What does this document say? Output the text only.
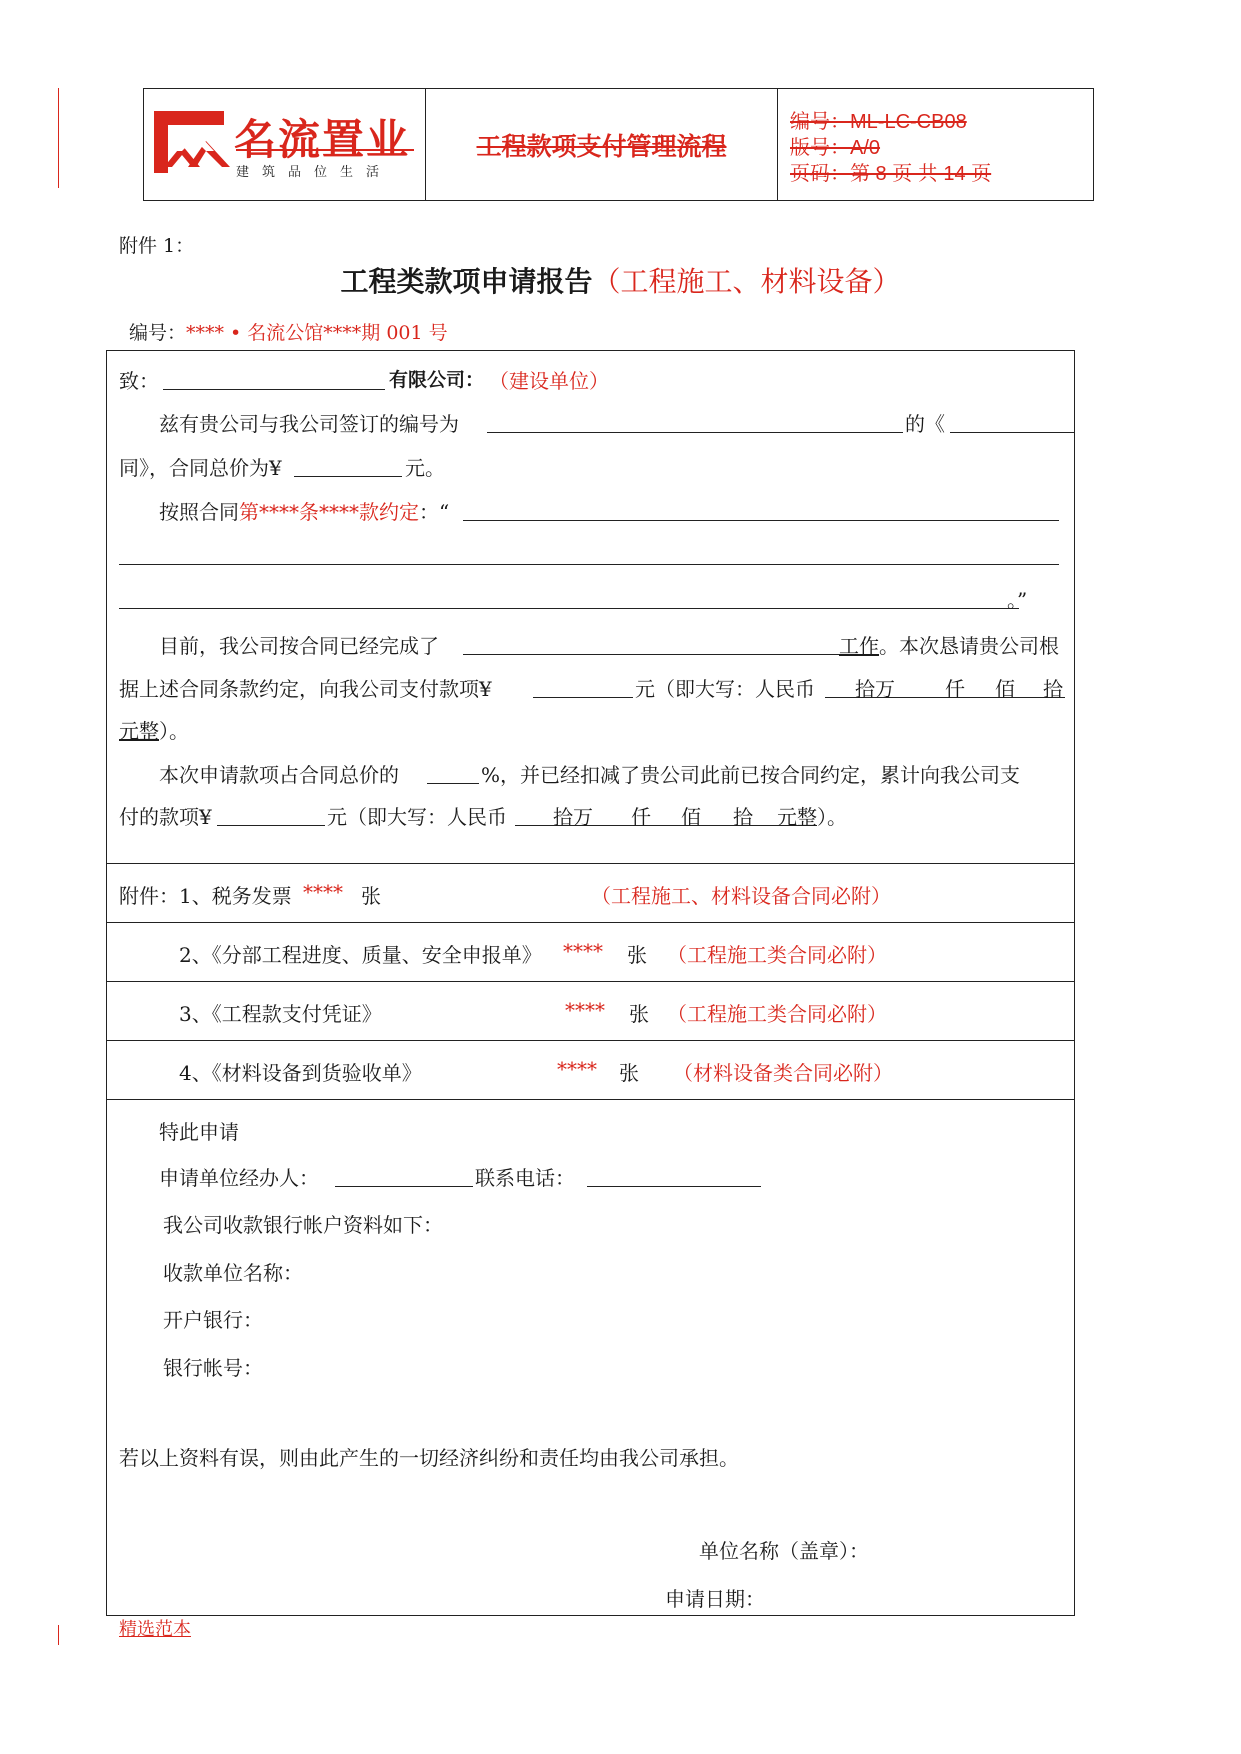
名流置业
建筑品位生活
工程款项支付管理流程
编号：ML-LC-CB08
版号：A/0
页码：第 8 页 共 14 页
附件 1：
工程类款项申请报告（工程施工、材料设备）
编号：**** • 名流公馆****期 001 号
致：	有限公司： （建设单位）
兹有贵公司与我公司签订的编号为	的《
同》，合同总价为¥	元。
按照合同第****条****款约定：“
。”
目前，我公司按合同已经完成了	工作。本次恳请贵公司根
据上述合同条款约定，向我公司支付款项¥	元（即大写：人民币 拾万	仟 佰 拾
元整 ）。
本次申请款项占合同总价的	%，并已经扣减了贵公司此前已按合同约定，累计向我公司支
付的款项¥	元（即大写：人民币 拾万 仟 佰 拾 元整 ）。
附件：1、税务发票 **** 张	（工程施工、材料设备合同必附）
2、《分部工程进度、质量、安全申报单》 **** 张 （工程施工类合同必附）
3、《工程款支付凭证》	**** 张 （工程施工类合同必附）
4、《材料设备到货验收单》	**** 张 （材料设备类合同必附）
特此申请
申请单位经办人：	联系电话：
我公司收款银行帐户资料如下：
收款单位名称：
开户银行：
银行帐号：
若以上资料有误，则由此产生的一切经济纠纷和责任均由我公司承担。
单位名称（盖章）：
申请日期：
精选范本
